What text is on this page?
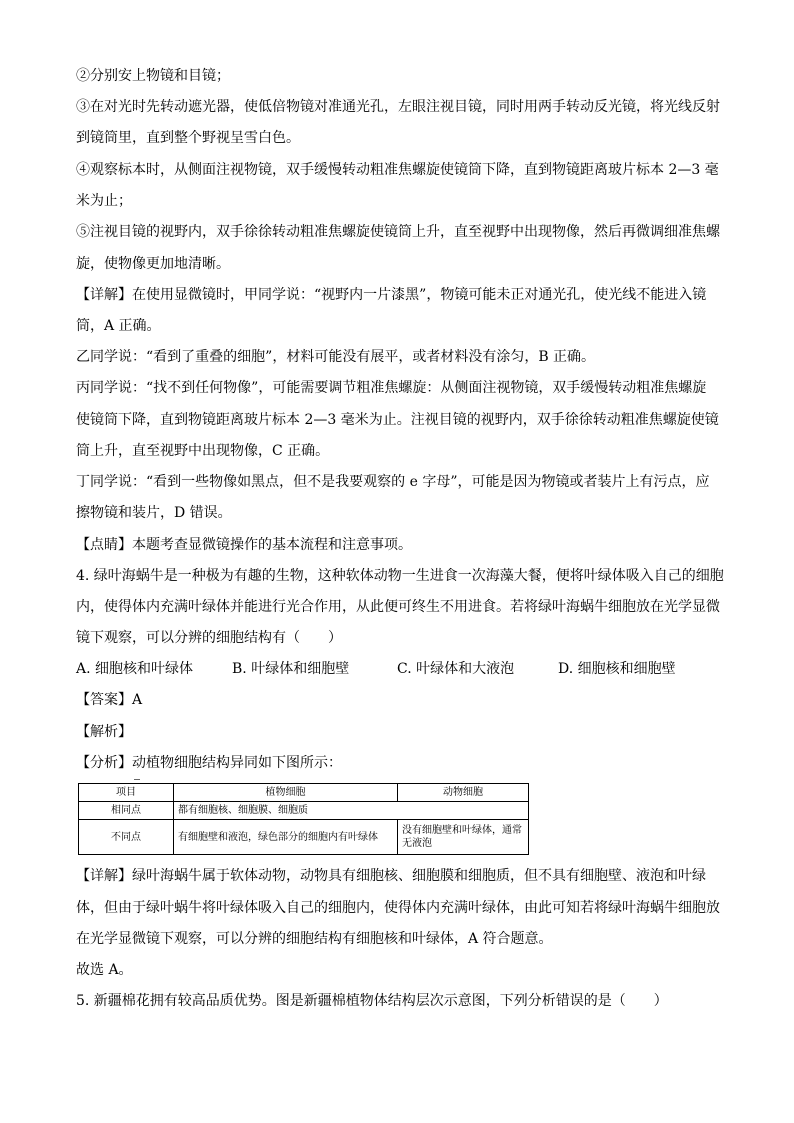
②分别安上物镜和目镜；
③在对光时先转动遮光器，使低倍物镜对准通光孔，左眼注视目镜，同时用两手转动反光镜，将光线反射
到镜筒里，直到整个野视呈雪白色。
④观察标本时，从侧面注视物镜，双手缓慢转动粗准焦螺旋使镜筒下降，直到物镜距离玻片标本 2—3 毫
米为止；
⑤注视目镜的视野内，双手徐徐转动粗准焦螺旋使镜筒上升，直至视野中出现物像，然后再微调细准焦螺
旋，使物像更加地清晰。
【详解】在使用显微镜时，甲同学说：“视野内一片漆黑”，物镜可能未正对通光孔，使光线不能进入镜
筒，A 正确。
乙同学说：“看到了重叠的细胞”，材料可能没有展平，或者材料没有涂匀，B 正确。
丙同学说：“找不到任何物像”，可能需要调节粗准焦螺旋：从侧面注视物镜，双手缓慢转动粗准焦螺旋
使镜筒下降，直到物镜距离玻片标本 2—3 毫米为止。注视目镜的视野内，双手徐徐转动粗准焦螺旋使镜
筒上升，直至视野中出现物像，C 正确。
丁同学说：“看到一些物像如黑点，但不是我要观察的 e 字母”，可能是因为物镜或者装片上有污点，应
擦物镜和装片，D 错误。
【点睛】本题考查显微镜操作的基本流程和注意事项。
4. 绿叶海蜗牛是一种极为有趣的生物，这种软体动物一生进食一次海藻大餐，便将叶绿体吸入自己的细胞
内，使得体内充满叶绿体并能进行光合作用，从此便可终生不用进食。若将绿叶海蜗牛细胞放在光学显微
镜下观察，可以分辨的细胞结构有（　　）
A. 细胞核和叶绿体	B. 叶绿体和细胞壁	C. 叶绿体和大液泡	D. 细胞核和细胞壁
【答案】A
【解析】
【分析】动植物细胞结构异同如下图所示：
项目	植物细胞	动物细胞
相同点	都有细胞核、细胞膜、细胞质	
不同点	有细胞壁和液泡，绿色部分的细胞内有叶绿体	没有细胞壁和叶绿体，通常无液泡
【详解】绿叶海蜗牛属于软体动物，动物具有细胞核、细胞膜和细胞质，但不具有细胞壁、液泡和叶绿
体，但由于绿叶蜗牛将叶绿体吸入自己的细胞内，使得体内充满叶绿体，由此可知若将绿叶海蜗牛细胞放
在光学显微镜下观察，可以分辨的细胞结构有细胞核和叶绿体，A 符合题意。
故选 A。
5. 新疆棉花拥有较高品质优势。图是新疆棉植物体结构层次示意图，下列分析错误的是（　　）
